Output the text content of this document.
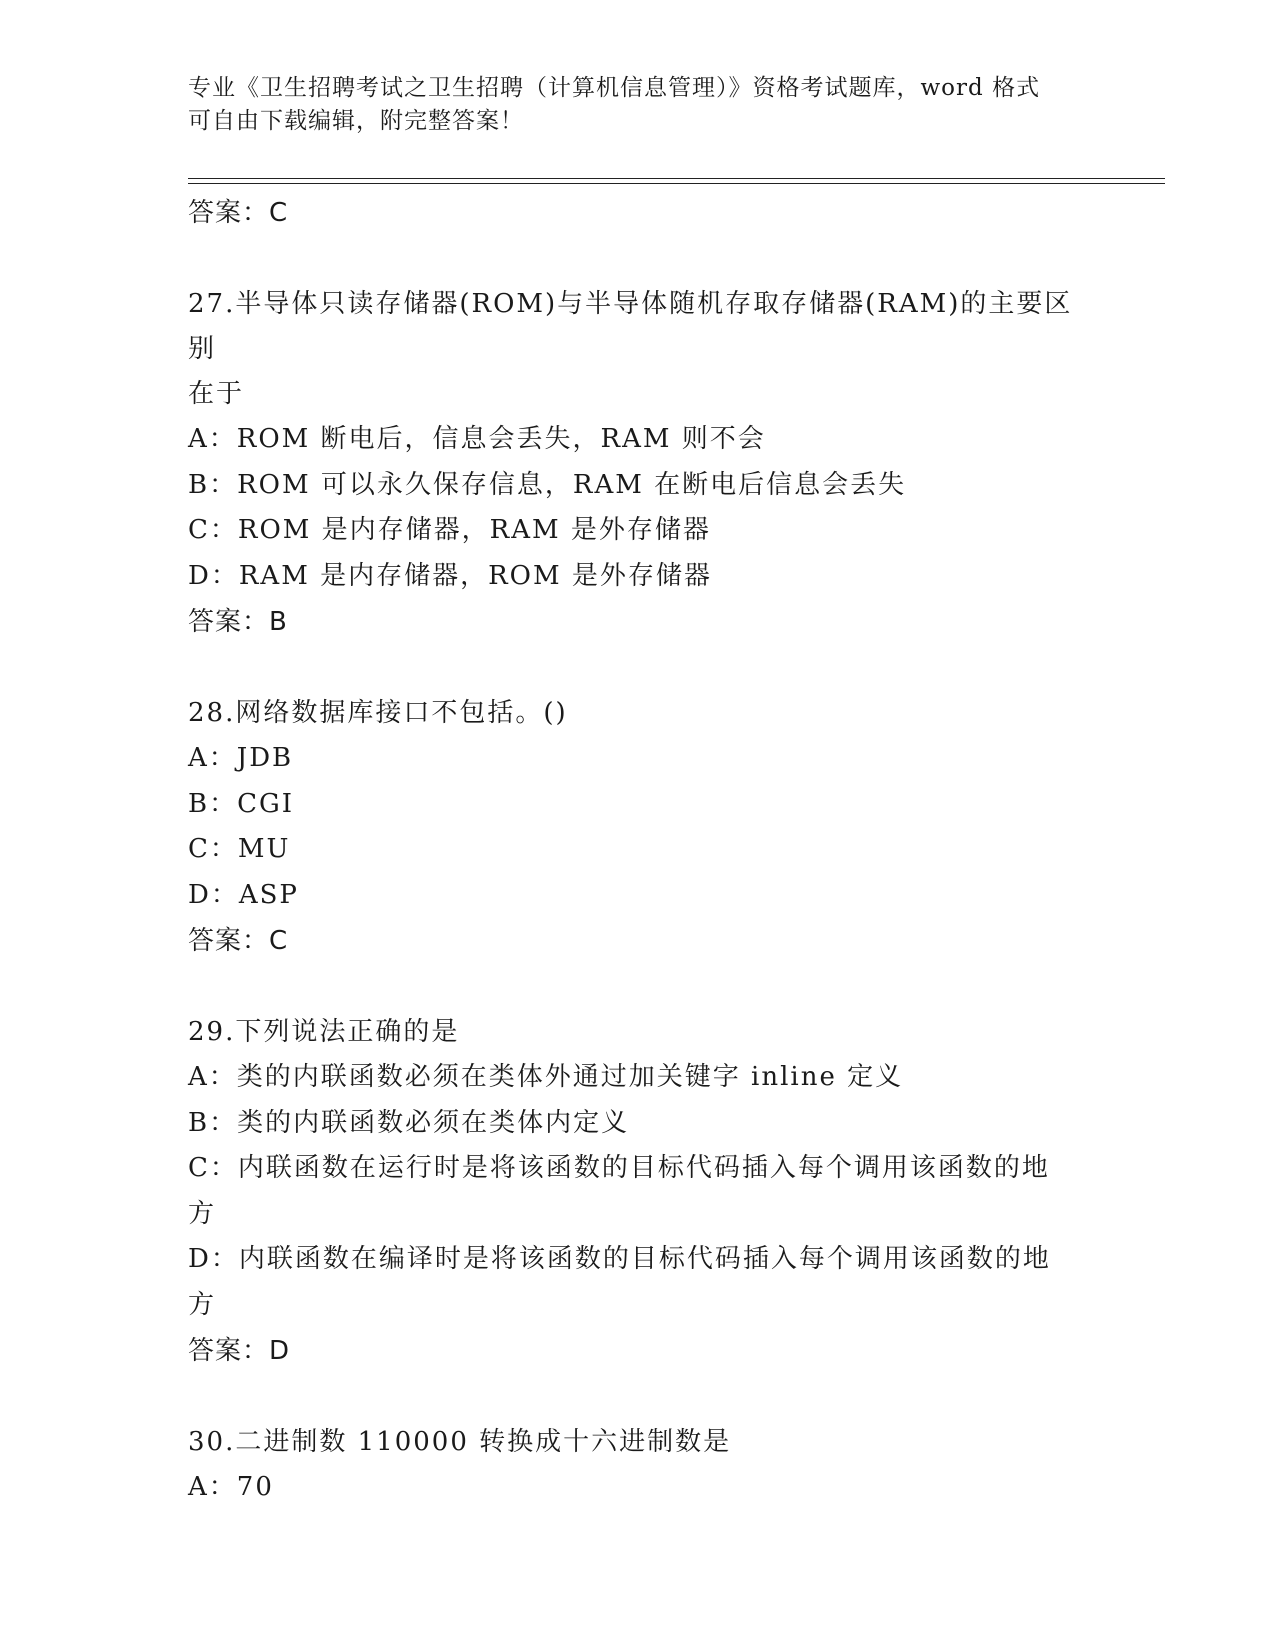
专业《卫生招聘考试之卫生招聘（计算机信息管理）》资格考试题库，word 格式
可自由下载编辑，附完整答案！
答案：C
27.半导体只读存储器(ROM)与半导体随机存取存储器(RAM)的主要区别
在于
A：ROM 断电后，信息会丢失，RAM 则不会
B：ROM 可以永久保存信息，RAM 在断电后信息会丢失
C：ROM 是内存储器，RAM 是外存储器
D：RAM 是内存储器，ROM 是外存储器
答案：B
28.网络数据库接口不包括。()
A：JDB
B：CGI
C：MU
D：ASP
答案：C
29.下列说法正确的是
A：类的内联函数必须在类体外通过加关键字 inline 定义
B：类的内联函数必须在类体内定义
C：内联函数在运行时是将该函数的目标代码插入每个调用该函数的地
方
D：内联函数在编译时是将该函数的目标代码插入每个调用该函数的地
方
答案：D
30.二进制数 110000 转换成十六进制数是
A：70
